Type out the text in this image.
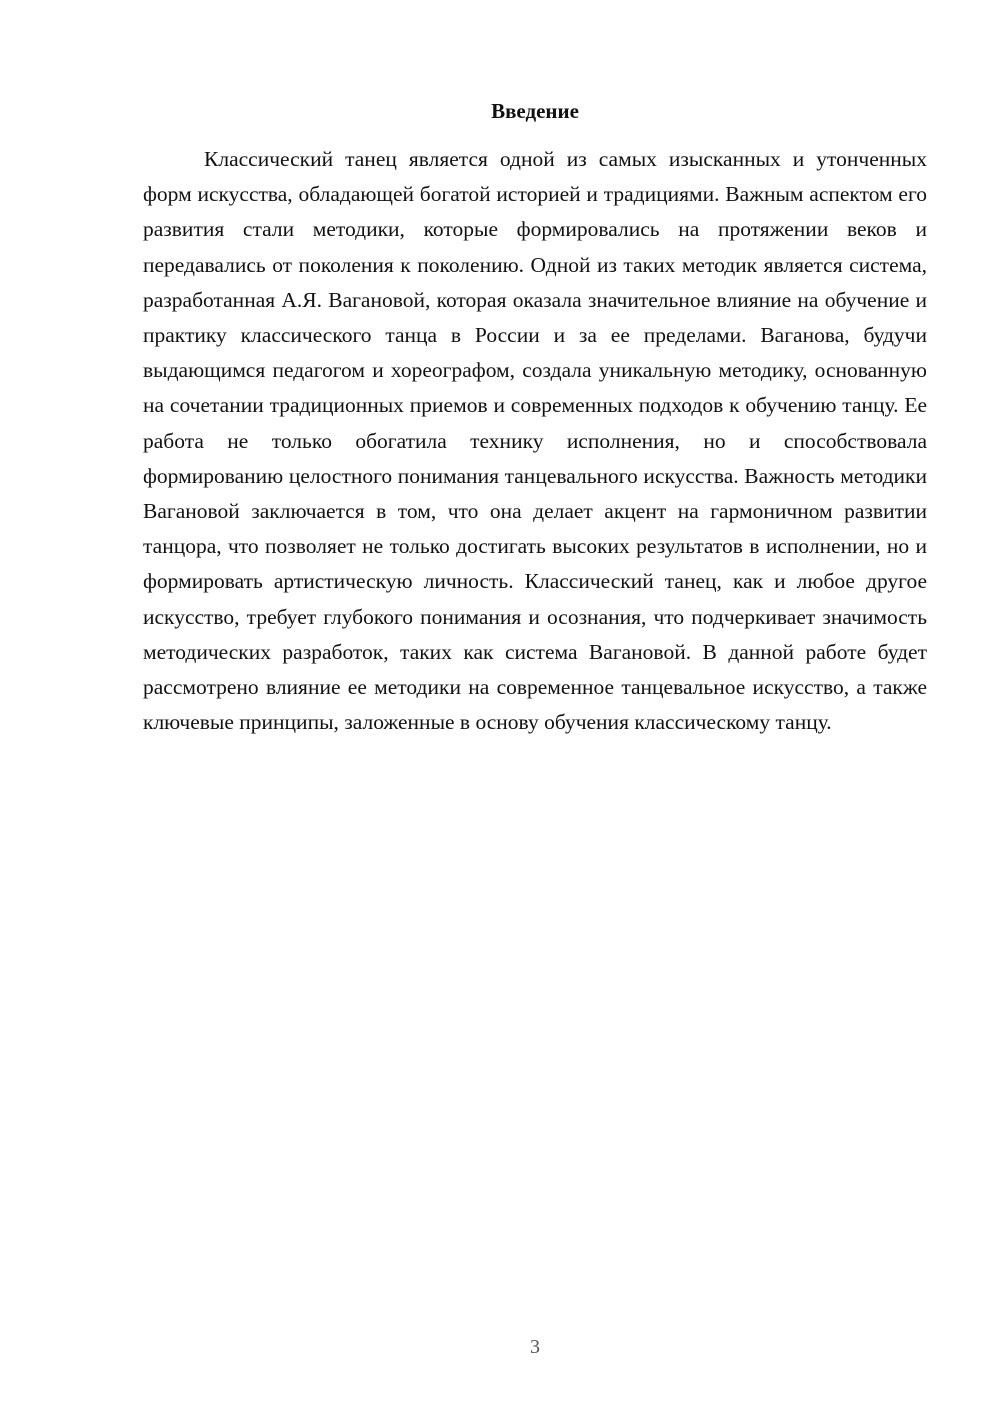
Введение

Классический танец является одной из самых изысканных и утонченных форм искусства, обладающей богатой историей и традициями. Важным аспектом его развития стали методики, которые формировались на протяжении веков и передавались от поколения к поколению. Одной из таких методик является система, разработанная А.Я. Вагановой, которая оказала значительное влияние на обучение и практику классического танца в России и за ее пределами. Ваганова, будучи выдающимся педагогом и хореографом, создала уникальную методику, основанную на сочетании традиционных приемов и современных подходов к обучению танцу. Ее работа не только обогатила технику исполнения, но и способствовала формированию целостного понимания танцевального искусства. Важность методики Вагановой заключается в том, что она делает акцент на гармоничном развитии танцора, что позволяет не только достигать высоких результатов в исполнении, но и формировать артистическую личность. Классический танец, как и любое другое искусство, требует глубокого понимания и осознания, что подчеркивает значимость методических разработок, таких как система Вагановой. В данной работе будет рассмотрено влияние ее методики на современное танцевальное искусство, а также ключевые принципы, заложенные в основу обучения классическому танцу.

3
